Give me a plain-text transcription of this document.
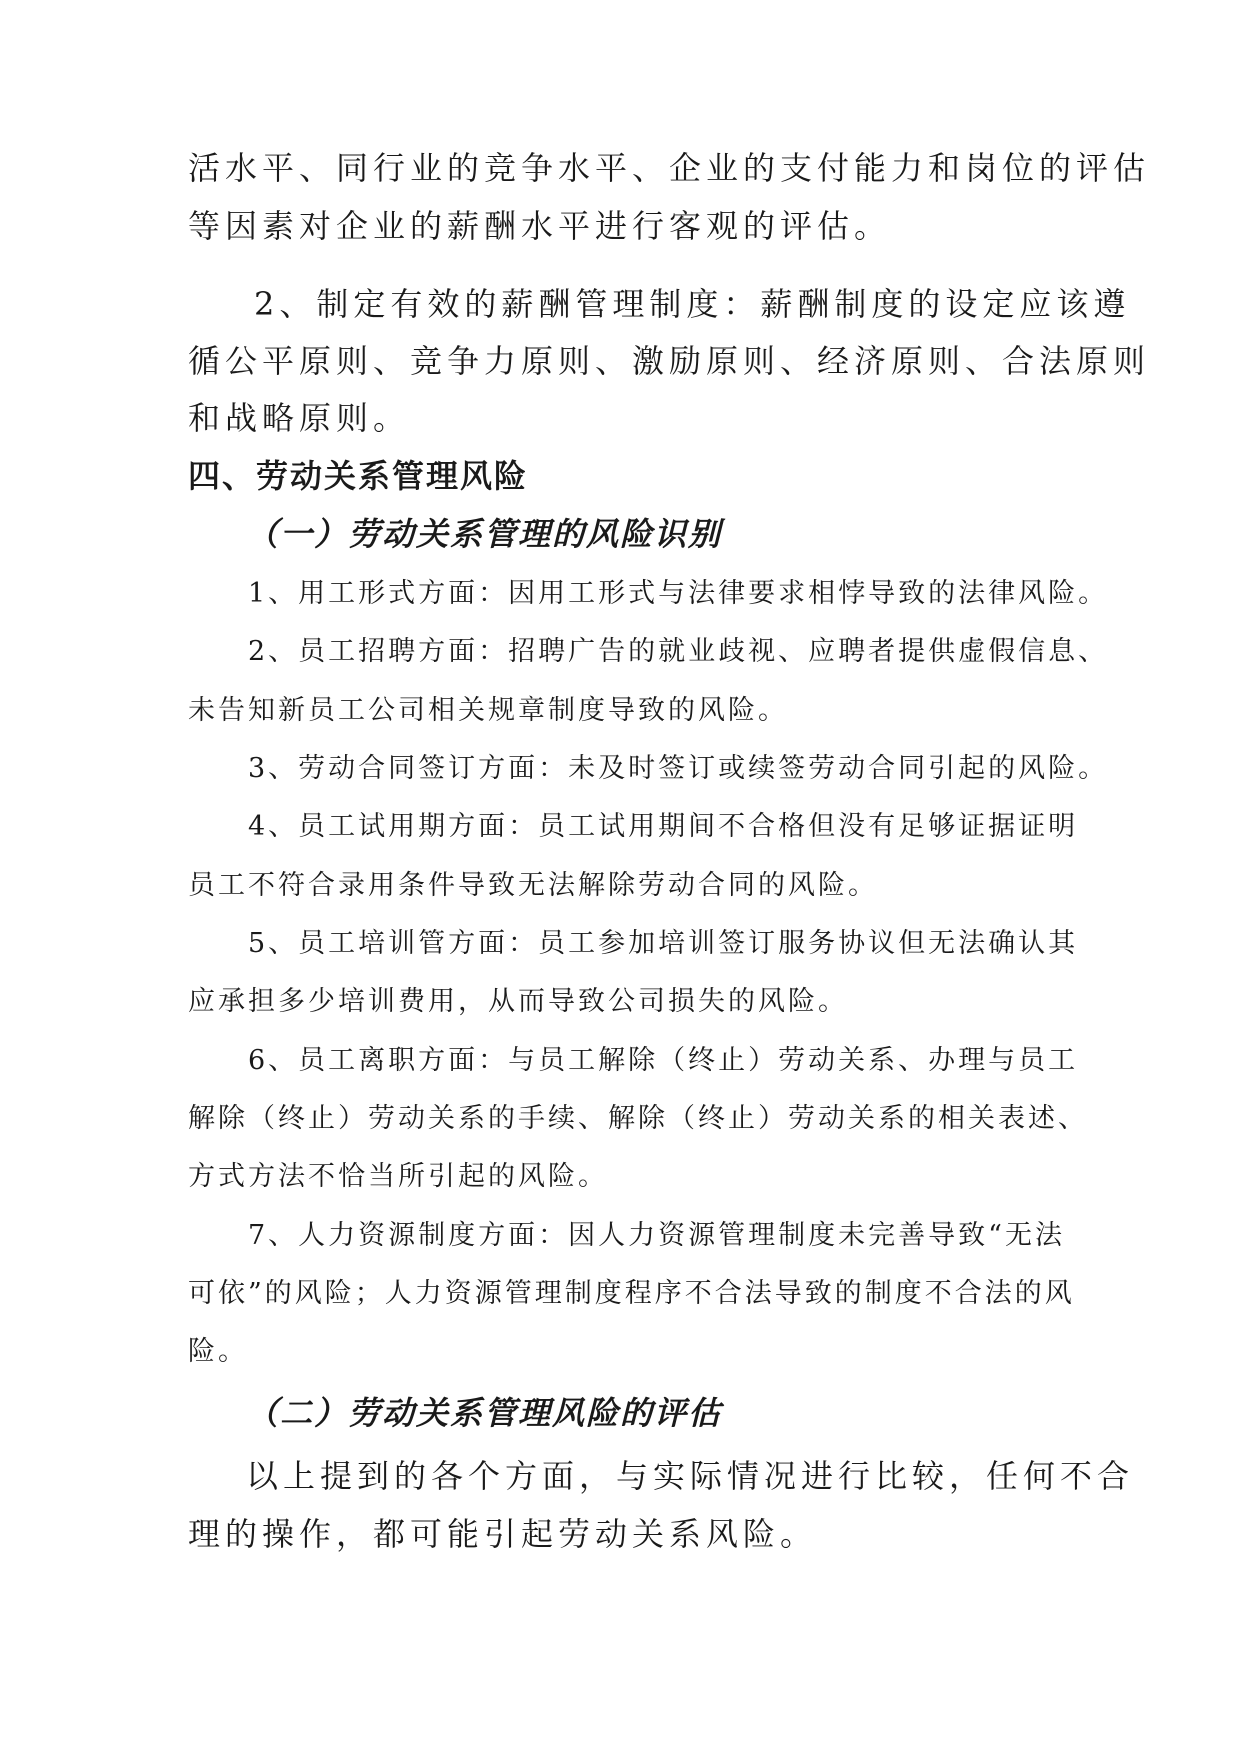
活水平、同行业的竞争水平、企业的支付能力和岗位的评估
等因素对企业的薪酬水平进行客观的评估。
2、制定有效的薪酬管理制度：薪酬制度的设定应该遵
循公平原则、竞争力原则、激励原则、经济原则、合法原则
和战略原则。
四、劳动关系管理风险
（一）劳动关系管理的风险识别
1、用工形式方面：因用工形式与法律要求相悖导致的法律风险。
2、员工招聘方面：招聘广告的就业歧视、应聘者提供虚假信息、
未告知新员工公司相关规章制度导致的风险。
3、劳动合同签订方面：未及时签订或续签劳动合同引起的风险。
4、员工试用期方面：员工试用期间不合格但没有足够证据证明
员工不符合录用条件导致无法解除劳动合同的风险。
5、员工培训管方面：员工参加培训签订服务协议但无法确认其
应承担多少培训费用，从而导致公司损失的风险。
6、员工离职方面：与员工解除（终止）劳动关系、办理与员工
解除（终止）劳动关系的手续、解除（终止）劳动关系的相关表述、
方式方法不恰当所引起的风险。
7、人力资源制度方面：因人力资源管理制度未完善导致“无法
可依”的风险；人力资源管理制度程序不合法导致的制度不合法的风
险。
（二）劳动关系管理风险的评估
以上提到的各个方面，与实际情况进行比较，任何不合
理的操作，都可能引起劳动关系风险。
